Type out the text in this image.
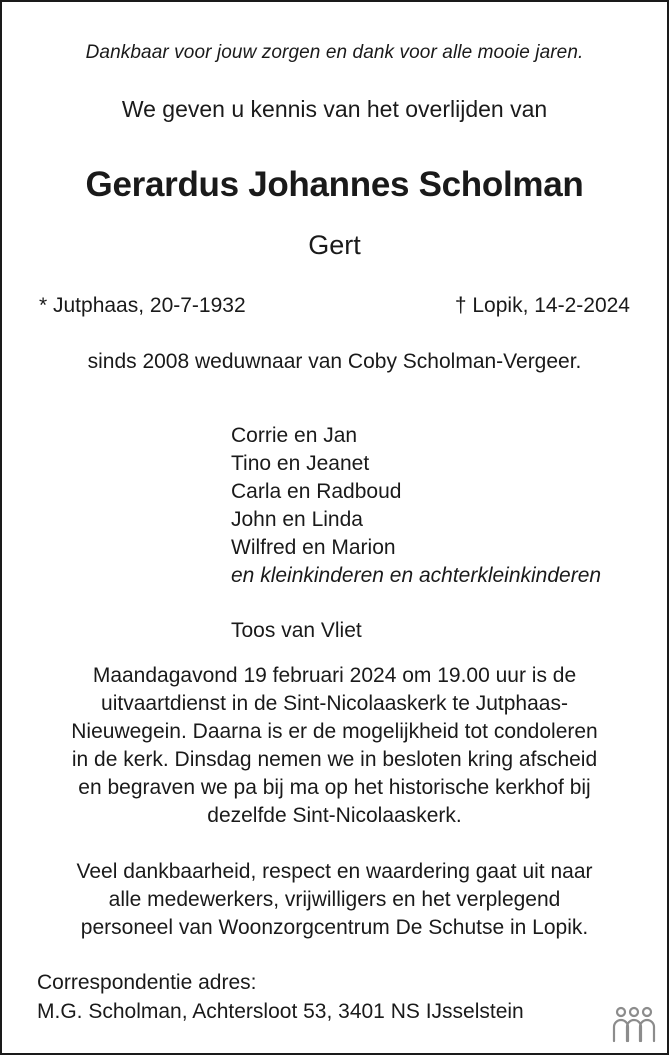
Dankbaar voor jouw zorgen en dank voor alle mooie jaren.
We geven u kennis van het overlijden van
Gerardus Johannes Scholman
Gert
* Jutphaas, 20-7-1932	† Lopik, 14-2-2024
sinds 2008 weduwnaar van Coby Scholman-Vergeer.
Corrie en Jan
Tino en Jeanet
Carla en Radboud
John en Linda
Wilfred en Marion
en kleinkinderen en achterkleinkinderen
Toos van Vliet
Maandagavond 19 februari 2024 om 19.00 uur is de
uitvaartdienst in de Sint-Nicolaaskerk te Jutphaas-
Nieuwegein. Daarna is er de mogelijkheid tot condoleren
in de kerk. Dinsdag nemen we in besloten kring afscheid
en begraven we pa bij ma op het historische kerkhof bij
dezelfde Sint-Nicolaaskerk.
Veel dankbaarheid, respect en waardering gaat uit naar
alle medewerkers, vrijwilligers en het verplegend
personeel van Woonzorgcentrum De Schutse in Lopik.
Correspondentie adres:
M.G. Scholman, Achtersloot 53, 3401 NS IJsselstein
